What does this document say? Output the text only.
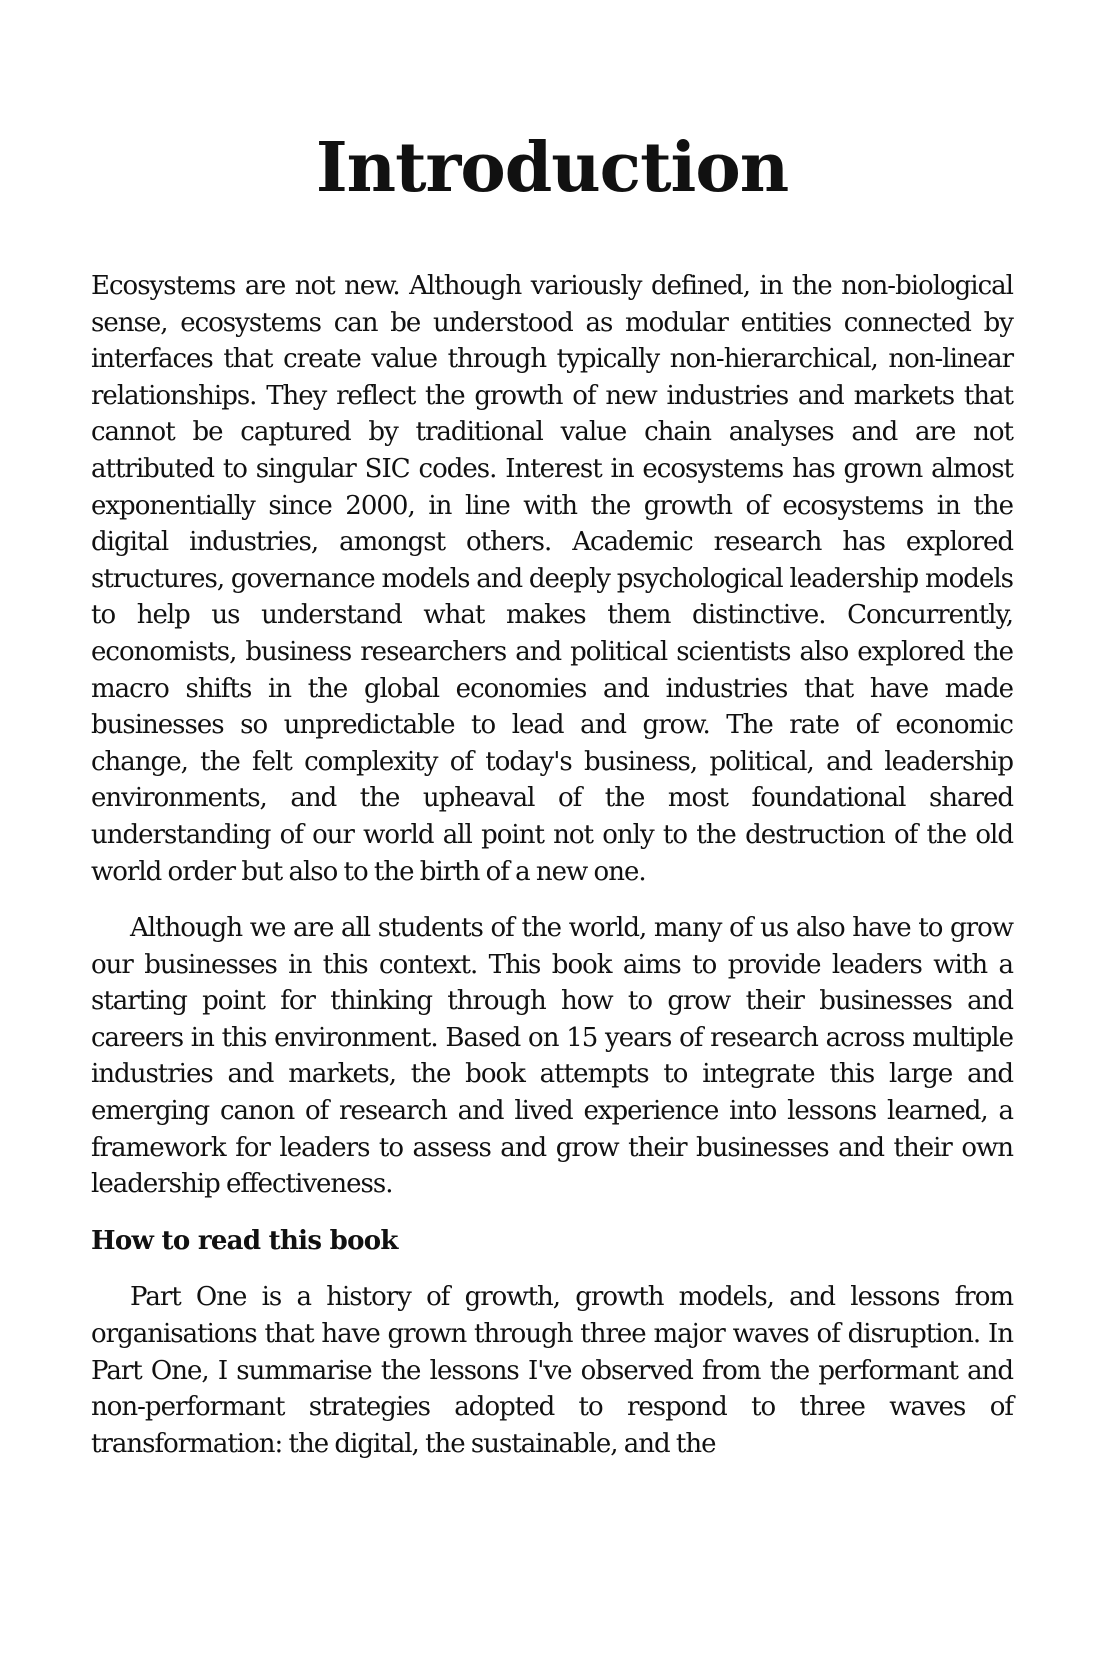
Introduction

Ecosystems are not new. Although variously defined, in the non-biological sense, ecosystems can be understood as modular entities connected by interfaces that create value through typically non-hierarchical, non-linear relationships. They reflect the growth of new industries and markets that cannot be captured by traditional value chain analyses and are not attributed to singular SIC codes. Interest in ecosystems has grown almost exponentially since 2000, in line with the growth of ecosystems in the digital industries, amongst others. Academic research has explored structures, governance models and deeply psychological leadership models to help us understand what makes them distinctive. Concurrently, economists, business researchers and political scientists also explored the macro shifts in the global economies and industries that have made businesses so unpredictable to lead and grow. The rate of economic change, the felt complexity of today's business, political, and leadership environments, and the upheaval of the most foundational shared understanding of our world all point not only to the destruction of the old world order but also to the birth of a new one.

Although we are all students of the world, many of us also have to grow our businesses in this context. This book aims to provide leaders with a starting point for thinking through how to grow their businesses and careers in this environment. Based on 15 years of research across multiple industries and markets, the book attempts to integrate this large and emerging canon of research and lived experience into lessons learned, a framework for leaders to assess and grow their businesses and their own leadership effectiveness.

How to read this book

Part One is a history of growth, growth models, and lessons from organisations that have grown through three major waves of disruption. In Part One, I summarise the lessons I've observed from the performant and non-performant strategies adopted to respond to three waves of transformation: the digital, the sustainable, and the
